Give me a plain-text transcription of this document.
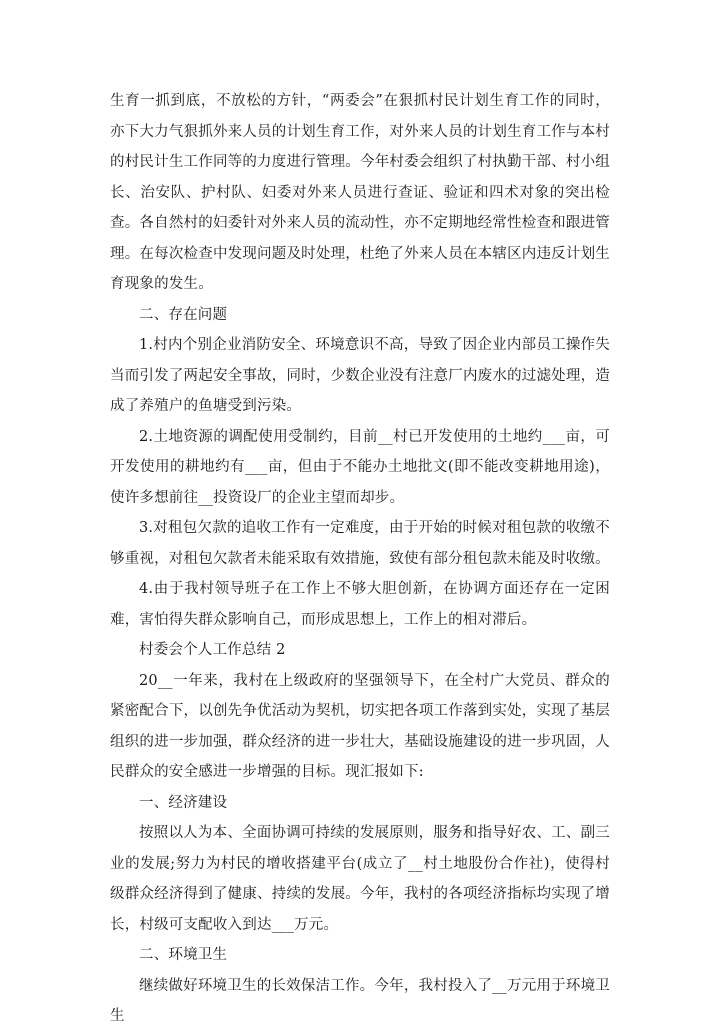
生育一抓到底，不放松的方针，“两委会”在狠抓村民计划生育工作的同时，亦下大力气狠抓外来人员的计划生育工作，对外来人员的计划生育工作与本村的村民计生工作同等的力度进行管理。今年村委会组织了村执勤干部、村小组长、治安队、护村队、妇委对外来人员进行查证、验证和四术对象的突出检查。各自然村的妇委针对外来人员的流动性，亦不定期地经常性检查和跟进管理。在每次检查中发现问题及时处理，杜绝了外来人员在本辖区内违反计划生育现象的发生。

二、存在问题

1.村内个别企业消防安全、环境意识不高，导致了因企业内部员工操作失当而引发了两起安全事故，同时，少数企业没有注意厂内废水的过滤处理，造成了养殖户的鱼塘受到污染。

2.土地资源的调配使用受制约，目前__村已开发使用的土地约___亩，可开发使用的耕地约有___亩，但由于不能办土地批文(即不能改变耕地用途)，使许多想前往__投资设厂的企业主望而却步。

3.对租包欠款的追收工作有一定难度，由于开始的时候对租包款的收缴不够重视，对租包欠款者未能采取有效措施，致使有部分租包款未能及时收缴。

4.由于我村领导班子在工作上不够大胆创新，在协调方面还存在一定困难，害怕得失群众影响自己，而形成思想上，工作上的相对滞后。

村委会个人工作总结 2

20__一年来，我村在上级政府的坚强领导下，在全村广大党员、群众的紧密配合下，以创先争优活动为契机，切实把各项工作落到实处，实现了基层组织的进一步加强，群众经济的进一步壮大，基础设施建设的进一步巩固，人民群众的安全感进一步增强的目标。现汇报如下:

一、经济建设

按照以人为本、全面协调可持续的发展原则，服务和指导好农、工、副三业的发展;努力为村民的增收搭建平台(成立了__村土地股份合作社)，使得村级群众经济得到了健康、持续的发展。今年，我村的各项经济指标均实现了增长，村级可支配收入到达___万元。

二、环境卫生

继续做好环境卫生的长效保洁工作。今年，我村投入了__万元用于环境卫生
